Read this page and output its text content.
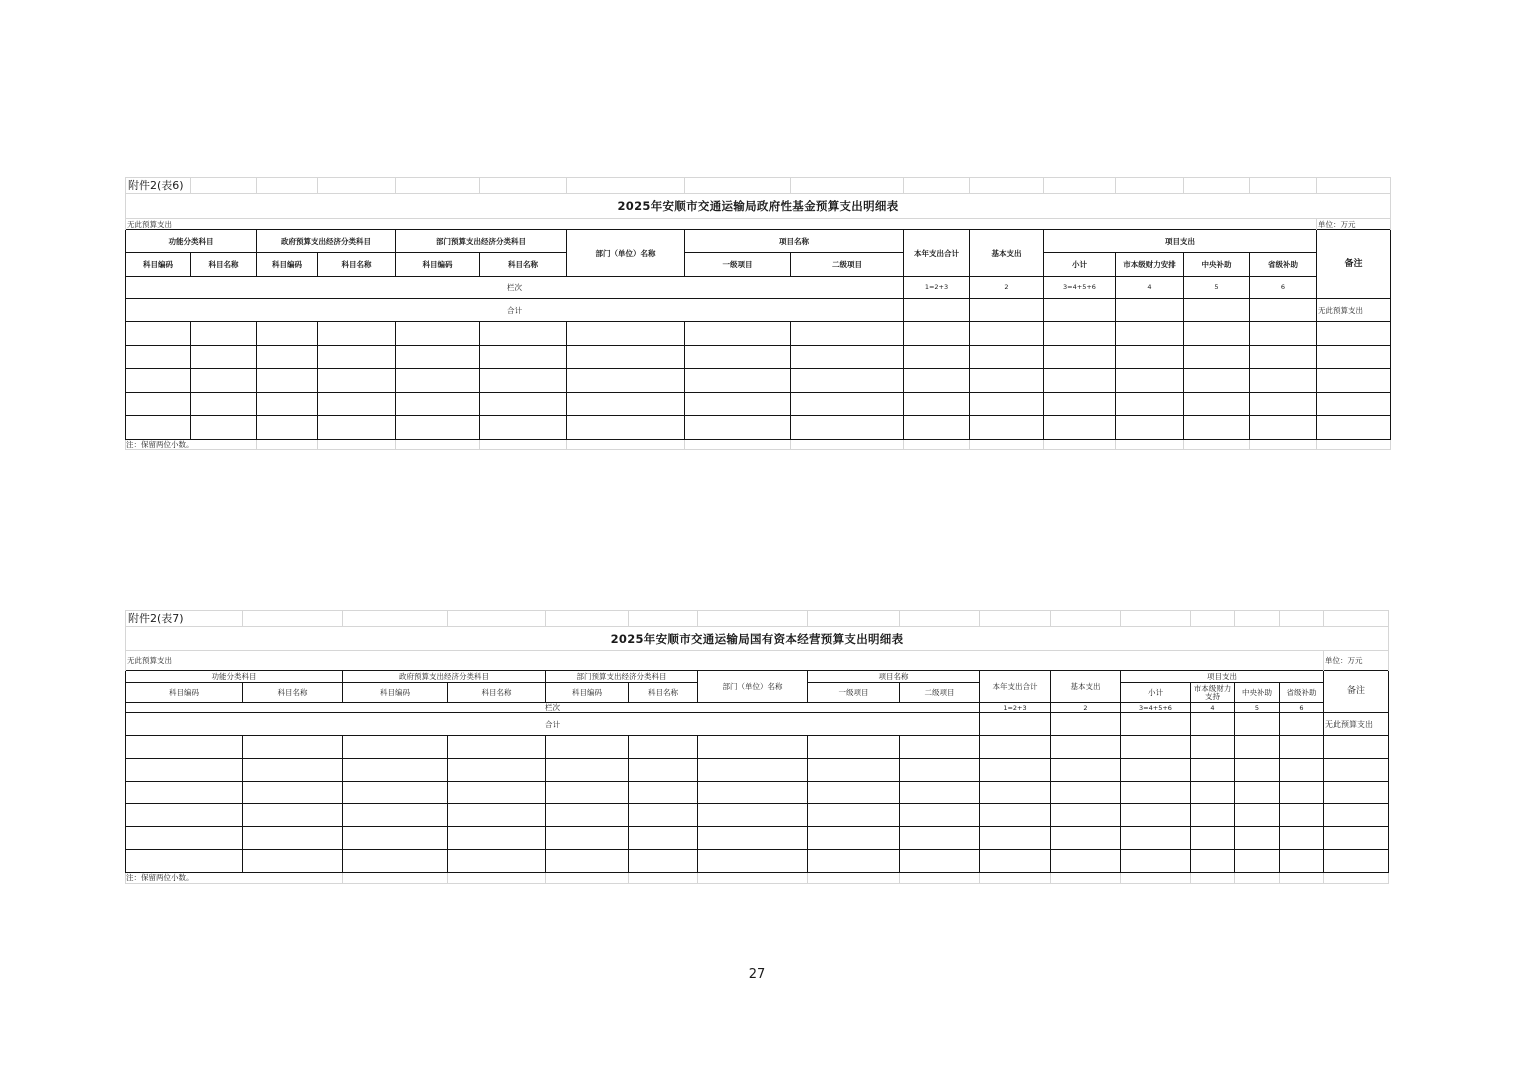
附件2(表6)															
2025年安顺市交通运输局政府性基金预算支出明细表															
无此预算支出															单位：万元
功能分类科目		政府预算支出经济分类科目		部门预算支出经济分类科目		部门（单位）名称	项目名称		本年支出合计	基本支出	项目支出				备注
科目编码	科目名称	科目编码	科目名称	科目编码	科目名称		一级项目	二级项目			小计	市本级财力安排	中央补助	省级补助	
栏次									1=2+3	2	3=4+5+6	4	5	6	
合计															无此预算支出

注：保留两位小数。															
附件2(表7)															
2025年安顺市交通运输局国有资本经营预算支出明细表															
无此预算支出															单位：万元
功能分类科目		政府预算支出经济分类科目		部门预算支出经济分类科目		部门（单位）名称	项目名称		本年支出合计	基本支出	项目支出				备注
科目编码	科目名称	科目编码	科目名称	科目编码	科目名称		一级项目	二级项目			小计	市本级财力支持	中央补助	省级补助	
栏次									1=2+3	2	3=4+5+6	4	5	6	
合计															无此预算支出

注：保留两位小数。															
27
